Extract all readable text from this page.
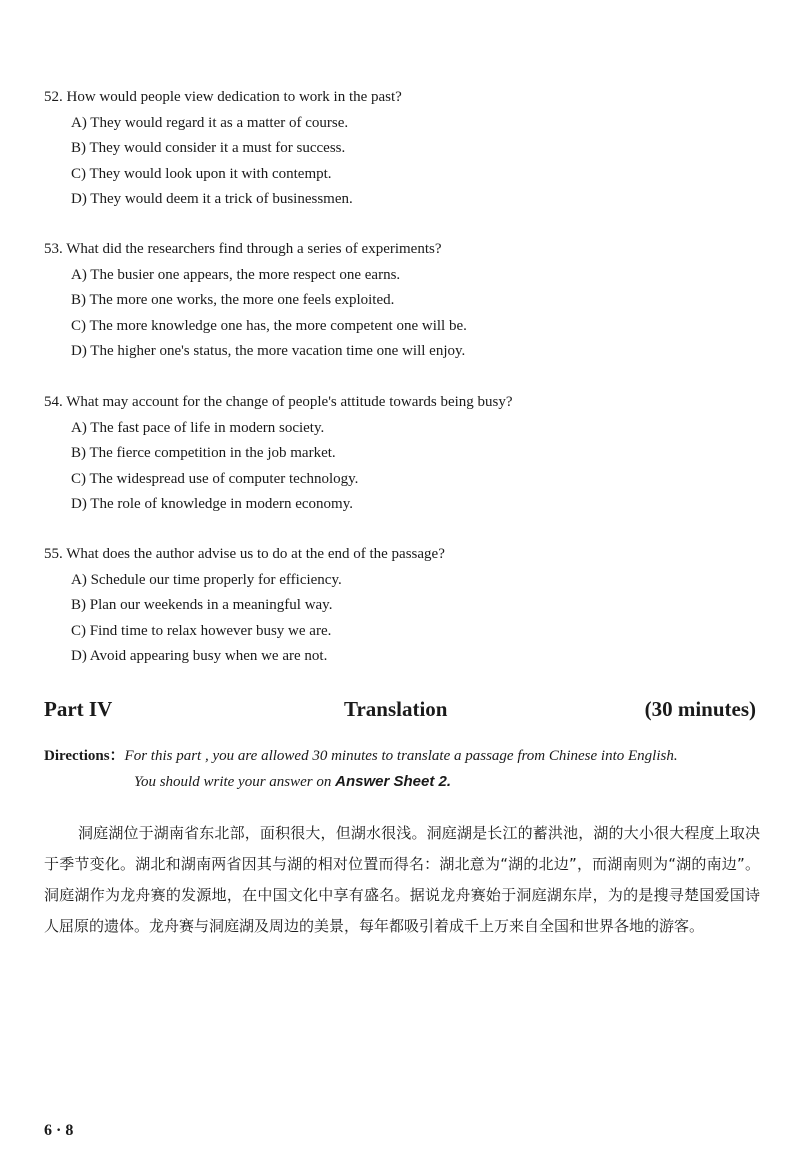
52. How would people view dedication to work in the past?
A) They would regard it as a matter of course.
B) They would consider it a must for success.
C) They would look upon it with contempt.
D) They would deem it a trick of businessmen.
53. What did the researchers find through a series of experiments?
A) The busier one appears, the more respect one earns.
B) The more one works, the more one feels exploited.
C) The more knowledge one has, the more competent one will be.
D) The higher one's status, the more vacation time one will enjoy.
54. What may account for the change of people's attitude towards being busy?
A) The fast pace of life in modern society.
B) The fierce competition in the job market.
C) The widespread use of computer technology.
D) The role of knowledge in modern economy.
55. What does the author advise us to do at the end of the passage?
A) Schedule our time properly for efficiency.
B) Plan our weekends in a meaningful way.
C) Find time to relax however busy we are.
D) Avoid appearing busy when we are not.
Part IV	Translation	(30 minutes)
Directions：For this part , you are allowed 30 minutes to translate a passage from Chinese into English.
You should write your answer on Answer Sheet 2.
洞庭湖位于湖南省东北部，面积很大，但湖水很浅。洞庭湖是长江的蓄洪池，湖的大小很大程度上取决于季节变化。湖北和湖南两省因其与湖的相对位置而得名：湖北意为“湖的北边”，而湖南则为“湖的南边”。洞庭湖作为龙舟赛的发源地，在中国文化中享有盛名。据说龙舟赛始于洞庭湖东岸，为的是搜寻楚国爱国诗人屈原的遗体。龙舟赛与洞庭湖及周边的美景，每年都吸引着成千上万来自全国和世界各地的游客。
6 · 8
